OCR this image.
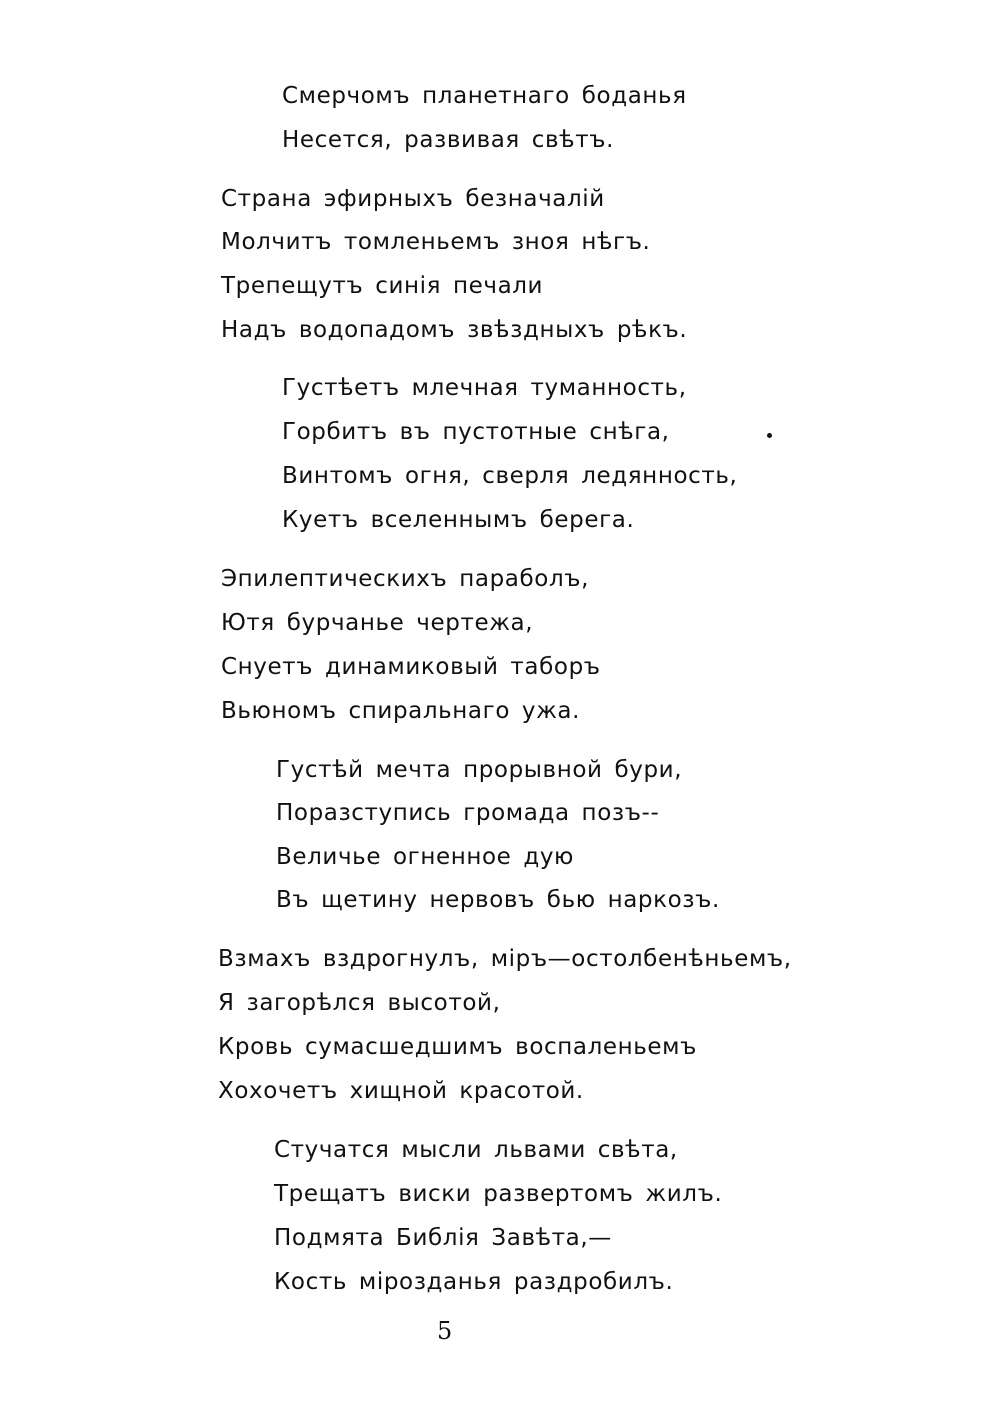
Смерчомъ планетнаго боданья
Несется, развивая свѣтъ.
Страна эфирныхъ безначалій
Молчитъ томленьемъ зноя нѣгъ.
Трепещутъ синія печали
Надъ водопадомъ звѣздныхъ рѣкъ.
Густѣетъ млечная туманность,
Горбитъ въ пустотные снѣга,
Винтомъ огня, сверля ледянность,
Куетъ вселеннымъ берега.
Эпилептическихъ параболъ,
Ютя бурчанье чертежа,
Снуетъ динамиковый таборъ
Вьюномъ спиральнаго ужа.
Густѣй мечта прорывной бури,
Поразступись громада позъ--
Величье огненное дую
Въ щетину нервовъ бью наркозъ.
Взмахъ вздрогнулъ, міръ—остолбенѣньемъ,
Я загорѣлся высотой,
Кровь сумасшедшимъ воспаленьемъ
Хохочетъ хищной красотой.
Стучатся мысли львами свѣта,
Трещатъ виски развертомъ жилъ.
Подмята Библія Завѣта,—
Кость мірозданья раздробилъ.
5
